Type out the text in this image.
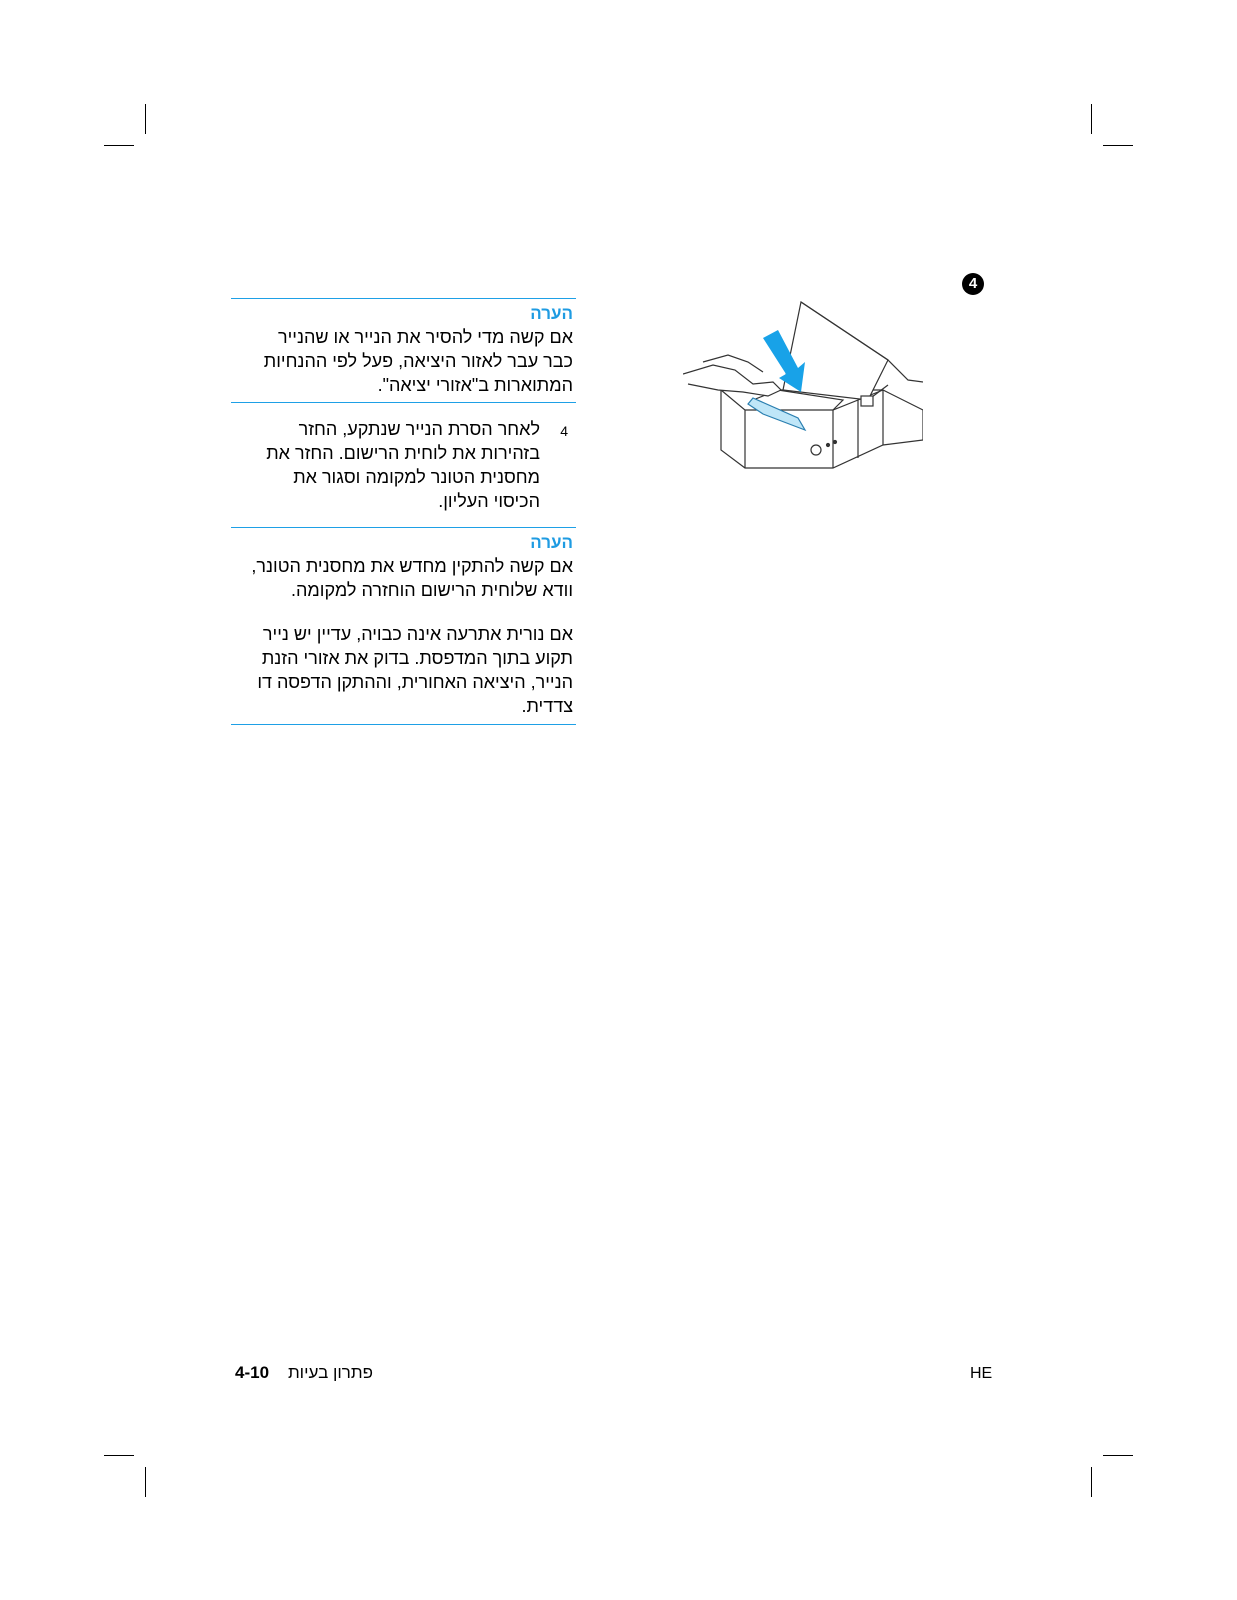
4
הערה
אם קשה מדי להסיר את הנייר או שהנייר
כבר עבר לאזור היציאה, פעל לפי ההנחיות
המתוארות ב"אזורי יציאה".
4
לאחר הסרת הנייר שנתקע, החזר
בזהירות את לוחית הרישום. החזר את
מחסנית הטונר למקומה וסגור את
הכיסוי העליון.
הערה
אם קשה להתקין מחדש את מחסנית הטונר,
וודא שלוחית הרישום הוחזרה למקומה.
אם נורית אתרעה אינה כבויה, עדיין יש נייר
תקוע בתוך המדפסת. בדוק את אזורי הזנת
הנייר, היציאה האחורית, וההתקן הדפסה דו
צדדית.
4-10 פתרון בעיות	HE
